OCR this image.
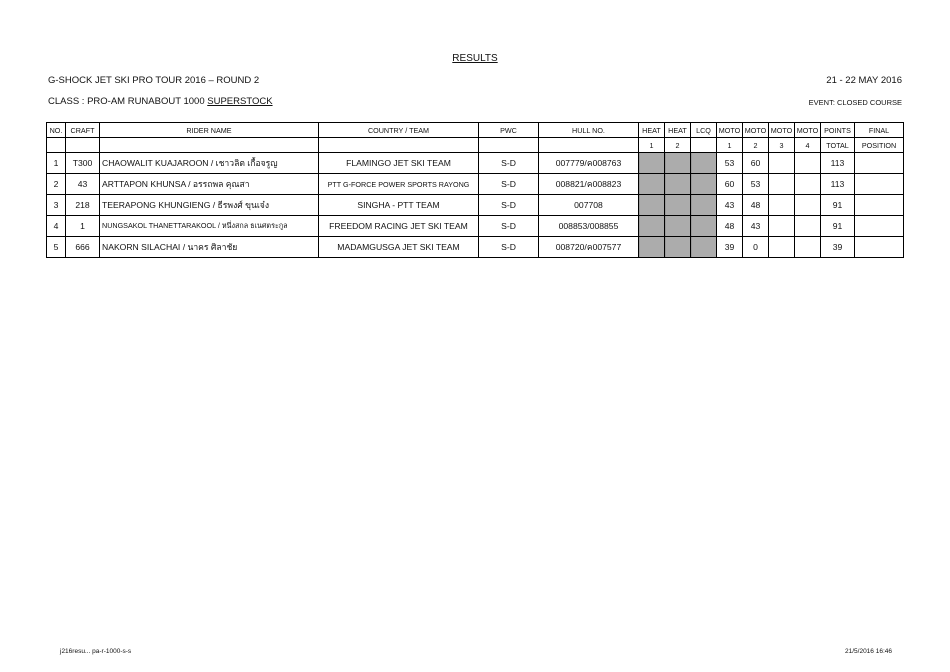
RESULTS
G-SHOCK JET SKI PRO TOUR 2016 – ROUND 2	21 - 22 MAY 2016
CLASS : PRO-AM RUNABOUT 1000 SUPERSTOCK	EVENT: CLOSED COURSE
NO.	CRAFT	RIDER NAME	COUNTRY / TEAM	PWC	HULL NO.	HEAT	HEAT	LCQ	MOTO	MOTO	MOTO	MOTO	POINTS	FINAL
						1	2		1	2	3	4	TOTAL	POSITION
1	T300	CHAOWALIT KUAJAROON / เชาวลิต เกื้อจรูญ	FLAMINGO JET SKI TEAM	S-D	007779/ค008763				53	60			113	
2	43	ARTTAPON KHUNSA / อรรถพล คุณสา	PTT G-FORCE POWER SPORTS RAYONG	S-D	008821/ค008823				60	53			113	
3	218	TEERAPONG KHUNGIENG / ธีรพงศ์ ขุนเจ๋ง	SINGHA - PTT TEAM	S-D	007708				43	48			91	
4	1	NUNGSAKOL THANETTARAKOOL / หนึ่งสกล ธเนศตระกูล	FREEDOM RACING JET SKI TEAM	S-D	008853/008855				48	43			91	
5	666	NAKORN SILACHAI / นาคร ศิลาชัย	MADAMGUSGA JET SKI TEAM	S-D	008720/ค007577				39	0			39	
j216resu... pa-r-1000-s-s	21/5/2016 16:46
